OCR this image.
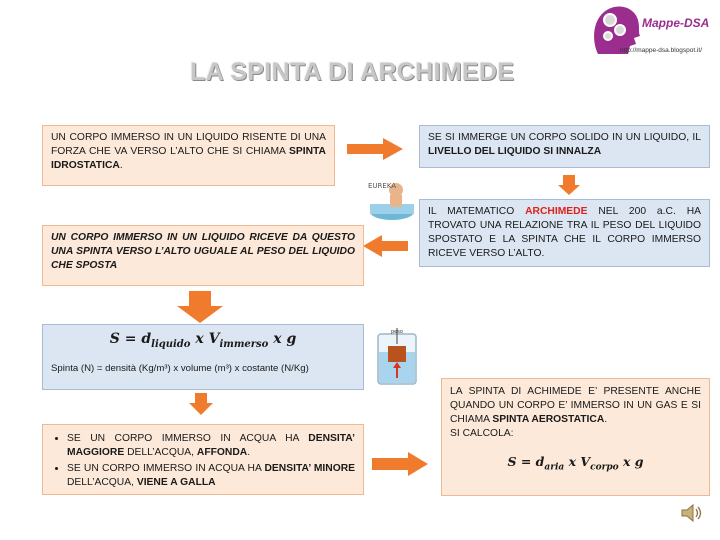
LA SPINTA DI ARCHIMEDE
Mappe-DSA
http://mappe-dsa.blogspot.it/
UN CORPO IMMERSO IN UN LIQUIDO RISENTE DI UNA FORZA CHE VA VERSO L’ALTO CHE SI CHIAMA SPINTA IDROSTATICA.
SE SI IMMERGE UN CORPO SOLIDO IN UN LIQUIDO, IL LIVELLO DEL LIQUIDO SI INNALZA
EUREKA
IL MATEMATICO ARCHIMEDE NEL 200 a.C. HA TROVATO UNA RELAZIONE TRA IL PESO DEL LIQUIDO SPOSTATO E LA SPINTA CHE IL CORPO IMMERSO RICEVE VERSO L’ALTO.
UN CORPO IMMERSO IN UN LIQUIDO RICEVE DA QUESTO UNA SPINTA VERSO L’ALTO UGUALE AL PESO DEL LIQUIDO CHE SPOSTA
$S = d_{liquido}$ x $V_{immerso}$ x g
Spinta (N) = densità (Kg/m³) x volume (m³) x costante (N/Kg)
peso
• SE UN CORPO IMMERSO IN ACQUA HA DENSITA’ MAGGIORE DELL’ACQUA, AFFONDA.
• SE UN CORPO IMMERSO IN ACQUA HA DENSITA’ MINORE DELL’ACQUA, VIENE A GALLA
LA SPINTA DI ACHIMEDE E’ PRESENTE ANCHE QUANDO UN CORPO E’ IMMERSO IN UN GAS E SI CHIAMA SPINTA AEROSTATICA.
SI CALCOLA:
$S = d_{aria}$ x $V_{corpo}$ x g
